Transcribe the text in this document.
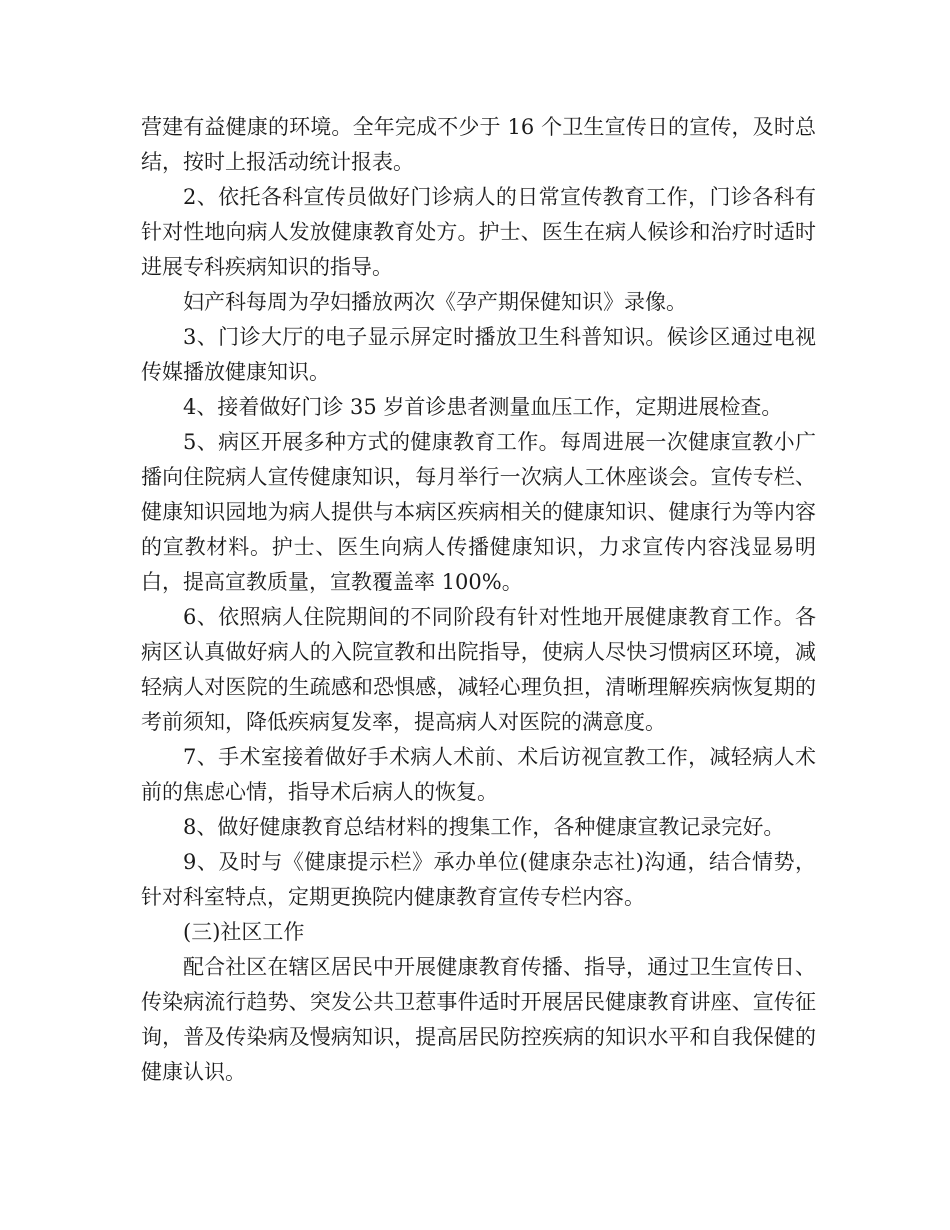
营建有益健康的环境。全年完成不少于 16 个卫生宣传日的宣传，及时总结，按时上报活动统计报表。

2、依托各科宣传员做好门诊病人的日常宣传教育工作，门诊各科有针对性地向病人发放健康教育处方。护士、医生在病人候诊和治疗时适时进展专科疾病知识的指导。

妇产科每周为孕妇播放两次《孕产期保健知识》录像。

3、门诊大厅的电子显示屏定时播放卫生科普知识。候诊区通过电视传媒播放健康知识。

4、接着做好门诊 35 岁首诊患者测量血压工作，定期进展检查。

5、病区开展多种方式的健康教育工作。每周进展一次健康宣教小广播向住院病人宣传健康知识，每月举行一次病人工休座谈会。宣传专栏、健康知识园地为病人提供与本病区疾病相关的健康知识、健康行为等内容的宣教材料。护士、医生向病人传播健康知识，力求宣传内容浅显易明白，提高宣教质量，宣教覆盖率 100%。

6、依照病人住院期间的不同阶段有针对性地开展健康教育工作。各病区认真做好病人的入院宣教和出院指导，使病人尽快习惯病区环境，减轻病人对医院的生疏感和恐惧感，减轻心理负担，清晰理解疾病恢复期的考前须知，降低疾病复发率，提高病人对医院的满意度。

7、手术室接着做好手术病人术前、术后访视宣教工作，减轻病人术前的焦虑心情，指导术后病人的恢复。

8、做好健康教育总结材料的搜集工作，各种健康宣教记录完好。

9、及时与《健康提示栏》承办单位(健康杂志社)沟通，结合情势，针对科室特点，定期更换院内健康教育宣传专栏内容。

(三)社区工作

配合社区在辖区居民中开展健康教育传播、指导，通过卫生宣传日、传染病流行趋势、突发公共卫惹事件适时开展居民健康教育讲座、宣传征询，普及传染病及慢病知识，提高居民防控疾病的知识水平和自我保健的健康认识。
